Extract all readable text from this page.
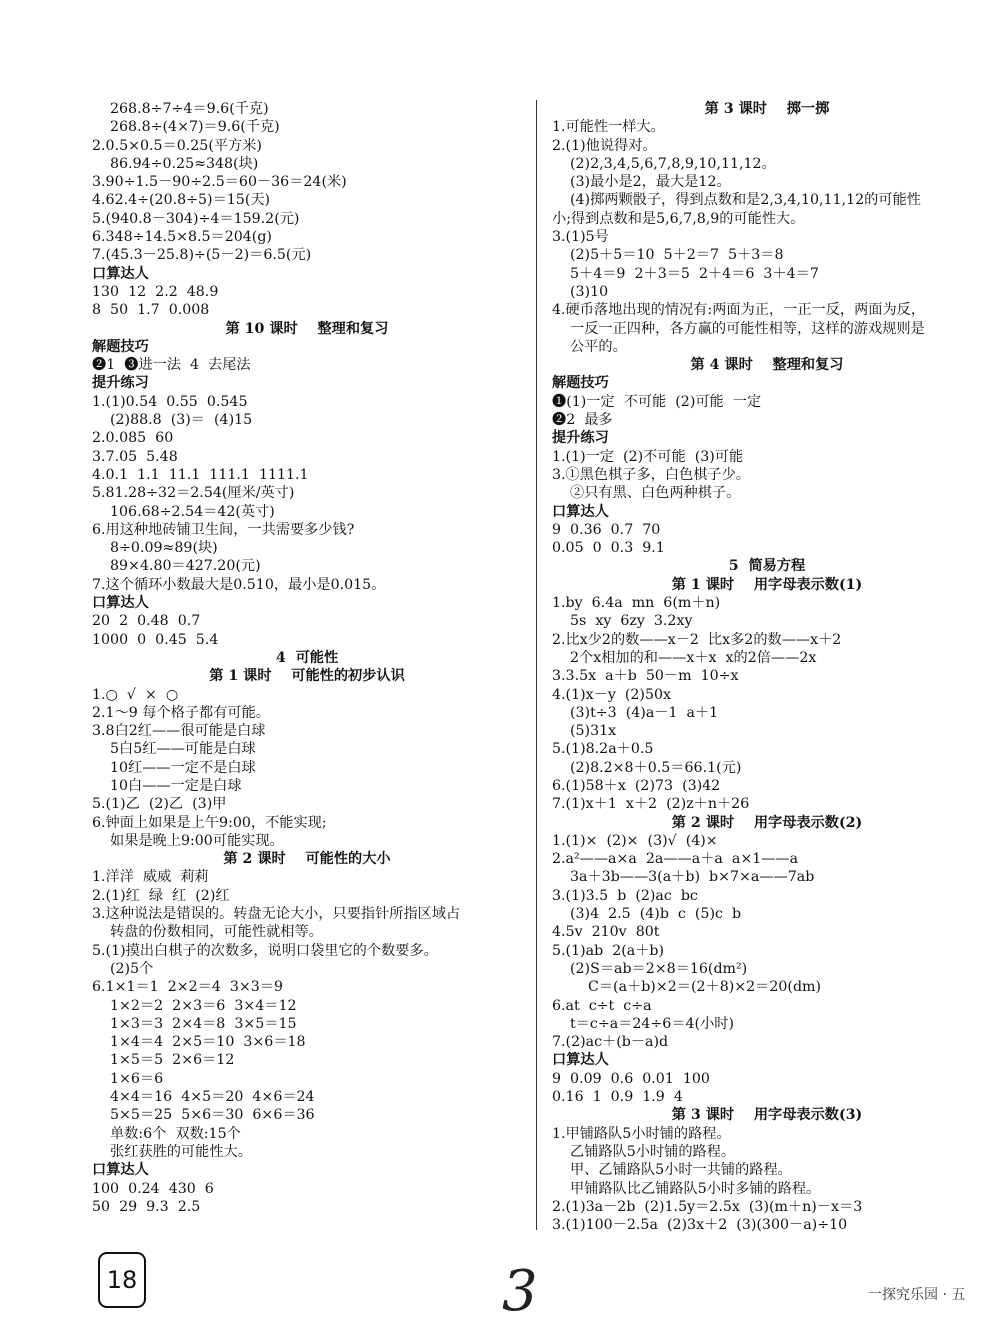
268.8÷7÷4＝9.6(千克)
268.8÷(4×7)＝9.6(千克)
2.0.5×0.5＝0.25(平方米)
86.94÷0.25≈348(块)
3.90÷1.5－90÷2.5＝60－36＝24(米)
4.62.4÷(20.8÷5)＝15(天)
5.(940.8－304)÷4＝159.2(元)
6.348÷14.5×8.5＝204(g)
7.(45.3－25.8)÷(5－2)＝6.5(元)
口算达人
130  12  2.2  48.9
8  50  1.7  0.008
第 10 课时    整理和复习
解题技巧
❷1  ❸进一法  4  去尾法
提升练习
1.(1)0.54  0.55  0.545
(2)88.8  (3)＝  (4)15
2.0.085  60
3.7.05  5.48
4.0.1  1.1  11.1  111.1  1111.1
5.81.28÷32＝2.54(厘米/英寸)
106.68÷2.54＝42(英寸)
6.用这种地砖铺卫生间，一共需要多少钱?
8÷0.09≈89(块)
89×4.80＝427.20(元)
7.这个循环小数最大是0.510，最小是0.015。
口算达人
20  2  0.48  0.7
1000  0  0.45  5.4
4  可能性
第 1 课时    可能性的初步认识
1.○  √  ×  ○
2.1～9 每个格子都有可能。
3.8白2红——很可能是白球
5白5红——可能是白球
10红——一定不是白球
10白——一定是白球
5.(1)乙  (2)乙  (3)甲
6.钟面上如果是上午9:00，不能实现;
如果是晚上9:00可能实现。
第 2 课时    可能性的大小
1.洋洋  威威  莉莉
2.(1)红  绿  红  (2)红
3.这种说法是错误的。转盘无论大小，只要指针所指区域占
转盘的份数相同，可能性就相等。
5.(1)摸出白棋子的次数多，说明口袋里它的个数要多。
(2)5个
6.1×1＝1  2×2＝4  3×3＝9
1×2＝2  2×3＝6  3×4＝12
1×3＝3  2×4＝8  3×5＝15
1×4＝4  2×5＝10  3×6＝18
1×5＝5  2×6＝12
1×6＝6
4×4＝16  4×5＝20  4×6＝24
5×5＝25  5×6＝30  6×6＝36
单数:6个  双数:15个
张红获胜的可能性大。
口算达人
100  0.24  430  6
50  29  9.3  2.5
第 3 课时    掷一掷
1.可能性一样大。
2.(1)他说得对。
(2)2,3,4,5,6,7,8,9,10,11,12。
(3)最小是2，最大是12。
(4)掷两颗骰子，得到点数和是2,3,4,10,11,12的可能性
小;得到点数和是5,6,7,8,9的可能性大。
3.(1)5号
(2)5＋5＝10  5＋2＝7  5＋3＝8
5＋4＝9  2＋3＝5  2＋4＝6  3＋4＝7
(3)10
4.硬币落地出现的情况有:两面为正，一正一反，两面为反，
一反一正四种，各方赢的可能性相等，这样的游戏规则是
公平的。
第 4 课时    整理和复习
解题技巧
❶(1)一定  不可能  (2)可能  一定
❷2  最多
提升练习
1.(1)一定  (2)不可能  (3)可能
3.①黑色棋子多，白色棋子少。
②只有黑、白色两种棋子。
口算达人
9  0.36  0.7  70
0.05  0  0.3  9.1
5  简易方程
第 1 课时    用字母表示数(1)
1.by  6.4a  mn  6(m＋n)
5s  xy  6zy  3.2xy
2.比x少2的数——x－2  比x多2的数——x＋2
2个x相加的和——x＋x  x的2倍——2x
3.3.5x  a＋b  50－m  10÷x
4.(1)x－y  (2)50x
(3)t÷3  (4)a－1  a＋1
(5)31x
5.(1)8.2a＋0.5
(2)8.2×8＋0.5＝66.1(元)
6.(1)58＋x  (2)73  (3)42
7.(1)x＋1  x＋2  (2)z＋n＋26
第 2 课时    用字母表示数(2)
1.(1)×  (2)×  (3)√  (4)×
2.a²——a×a  2a——a＋a  a×1——a
3a＋3b——3(a＋b)  b×7×a——7ab
3.(1)3.5  b  (2)ac  bc
(3)4  2.5  (4)b  c  (5)c  b
4.5v  210v  80t
5.(1)ab  2(a＋b)
(2)S＝ab＝2×8＝16(dm²)
C＝(a＋b)×2＝(2＋8)×2＝20(dm)
6.at  c÷t  c÷a
t＝c÷a＝24÷6＝4(小时)
7.(2)ac＋(b－a)d
口算达人
9  0.09  0.6  0.01  100
0.16  1  0.9  1.9  4
第 3 课时    用字母表示数(3)
1.甲铺路队5小时铺的路程。
乙铺路队5小时铺的路程。
甲、乙铺路队5小时一共铺的路程。
甲铺路队比乙铺路队5小时多铺的路程。
2.(1)3a－2b  (2)1.5y＝2.5x  (3)(m＋n)－x＝3
3.(1)100－2.5a  (2)3x＋2  (3)(300－a)÷10
18	3	一探究乐园 · 五
